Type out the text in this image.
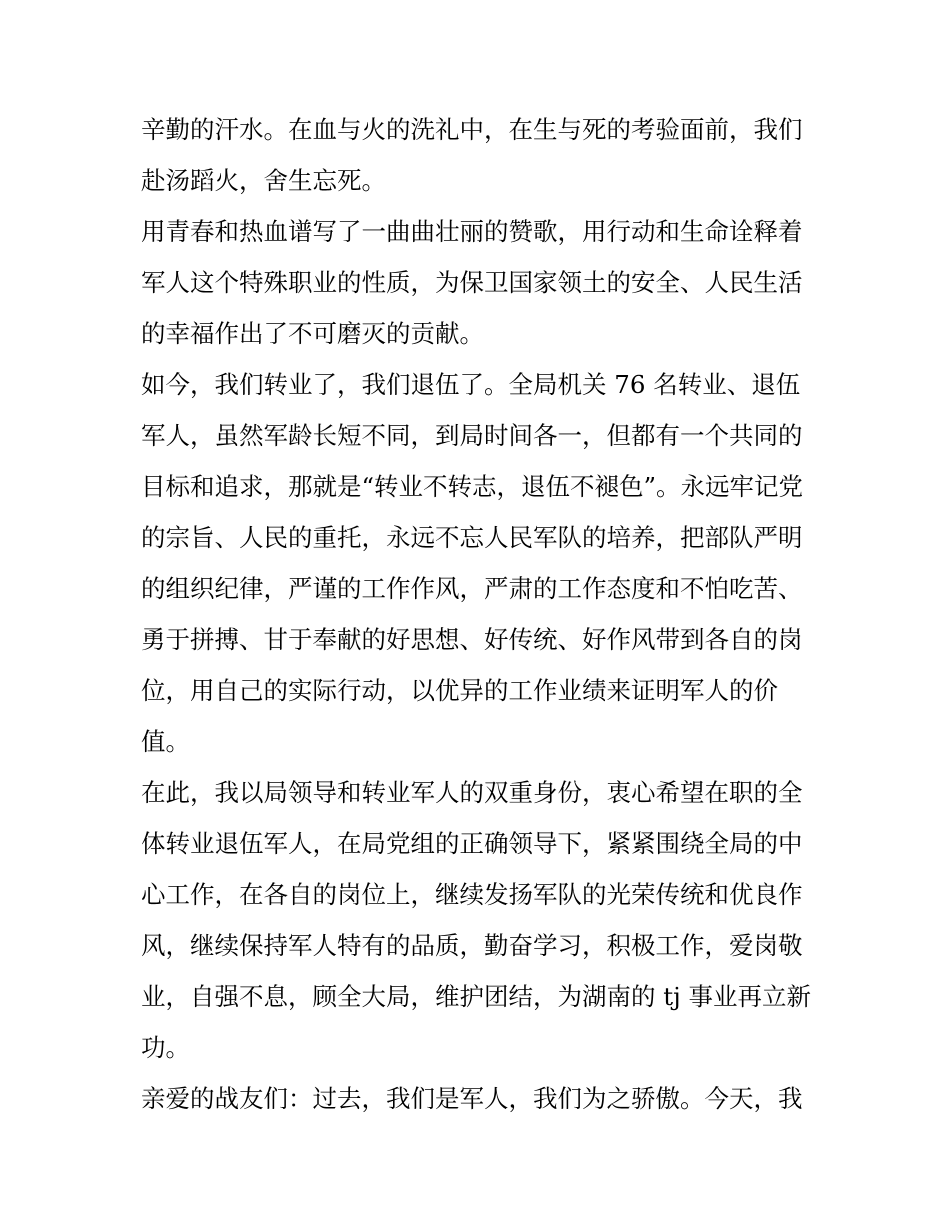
辛勤的汗水。在血与火的洗礼中，在生与死的考验面前，我们
赴汤蹈火，舍生忘死。
用青春和热血谱写了一曲曲壮丽的赞歌，用行动和生命诠释着
军人这个特殊职业的性质，为保卫国家领土的安全、人民生活
的幸福作出了不可磨灭的贡献。
如今，我们转业了，我们退伍了。全局机关 76 名转业、退伍
军人，虽然军龄长短不同，到局时间各一，但都有一个共同的
目标和追求，那就是“转业不转志，退伍不褪色”。永远牢记党
的宗旨、人民的重托，永远不忘人民军队的培养，把部队严明
的组织纪律，严谨的工作作风，严肃的工作态度和不怕吃苦、
勇于拼搏、甘于奉献的好思想、好传统、好作风带到各自的岗
位，用自己的实际行动，以优异的工作业绩来证明军人的价
值。
在此，我以局领导和转业军人的双重身份，衷心希望在职的全
体转业退伍军人，在局党组的正确领导下，紧紧围绕全局的中
心工作，在各自的岗位上，继续发扬军队的光荣传统和优良作
风，继续保持军人特有的品质，勤奋学习，积极工作，爱岗敬
业，自强不息，顾全大局，维护团结，为湖南的 tj 事业再立新
功。
亲爱的战友们：过去，我们是军人，我们为之骄傲。今天，我
